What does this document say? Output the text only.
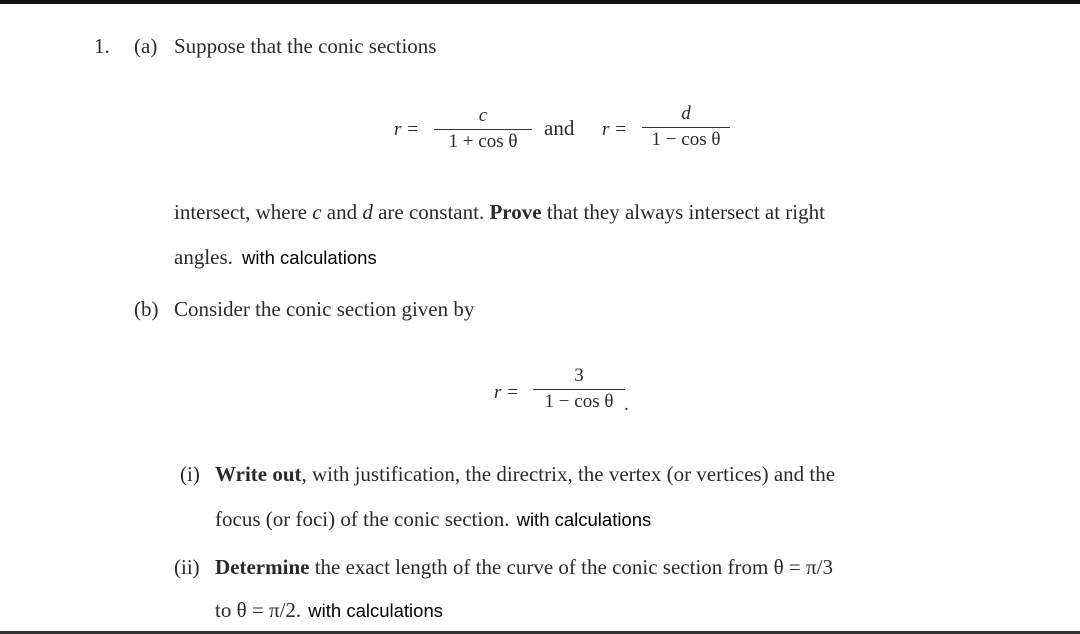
1. (a) Suppose that the conic sections
r =
c
1 + cos θ
and r =
d
1 − cos θ
intersect, where c and d are constant. Prove that they always intersect at right
angles. with calculations
(b) Consider the conic section given by
r =
3
1 − cos θ .
(i) Write out, with justification, the directrix, the vertex (or vertices) and the
focus (or foci) of the conic section. with calculations
(ii) Determine the exact length of the curve of the conic section from θ = π/3
to θ = π/2. with calculations
